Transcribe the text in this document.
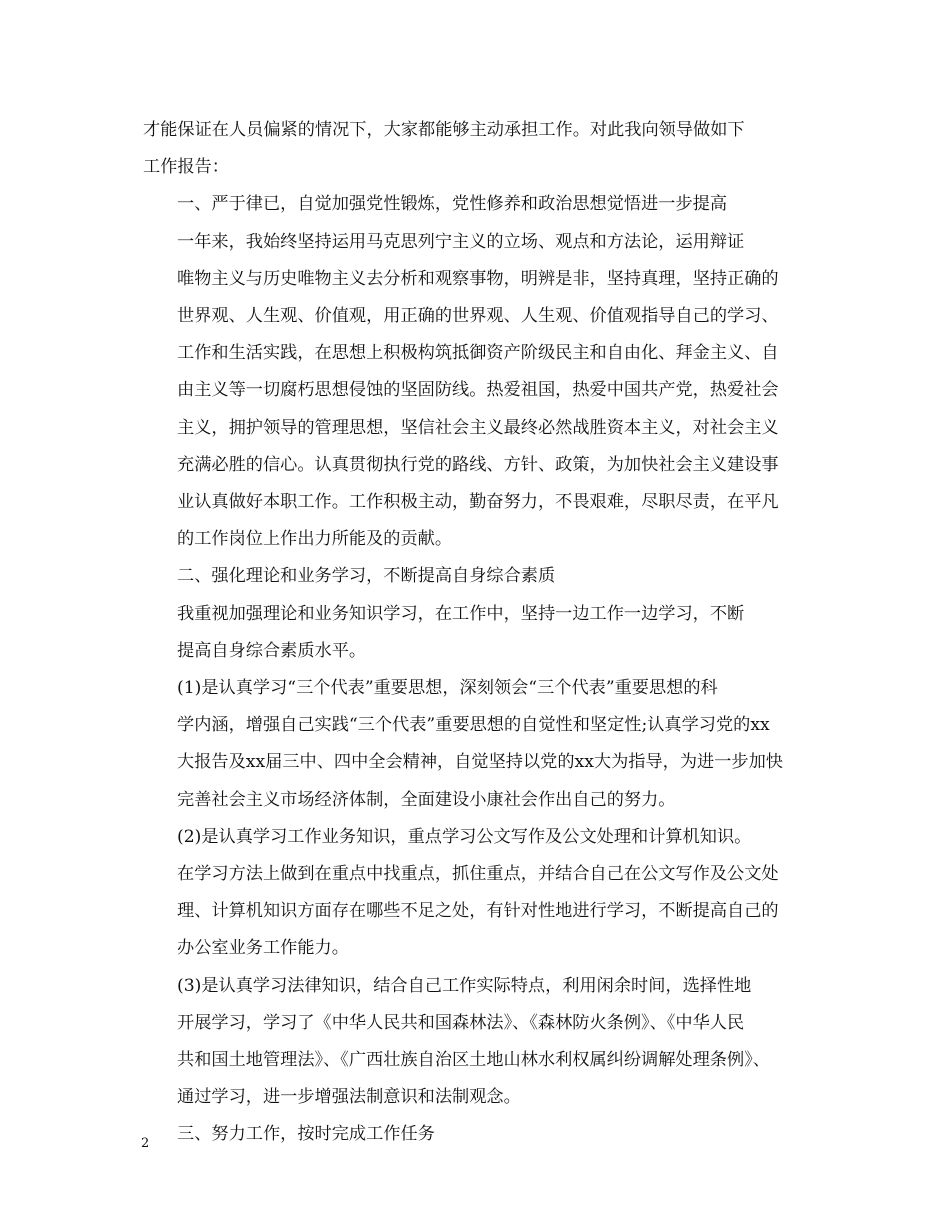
才能保证在人员偏紧的情况下，大家都能够主动承担工作。对此我向领导做如下
工作报告：

一、严于律已，自觉加强党性锻炼，党性修养和政治思想觉悟进一步提高

一年来，我始终坚持运用马克思列宁主义的立场、观点和方法论，运用辩证
唯物主义与历史唯物主义去分析和观察事物，明辨是非，坚持真理，坚持正确的
世界观、人生观、价值观，用正确的世界观、人生观、价值观指导自己的学习、
工作和生活实践，在思想上积极构筑抵御资产阶级民主和自由化、拜金主义、自
由主义等一切腐朽思想侵蚀的坚固防线。热爱祖国，热爱中国共产党，热爱社会
主义，拥护领导的管理思想，坚信社会主义最终必然战胜资本主义，对社会主义
充满必胜的信心。认真贯彻执行党的路线、方针、政策，为加快社会主义建设事
业认真做好本职工作。工作积极主动，勤奋努力，不畏艰难，尽职尽责，在平凡
的工作岗位上作出力所能及的贡献。

二、强化理论和业务学习，不断提高自身综合素质

我重视加强理论和业务知识学习，在工作中，坚持一边工作一边学习，不断
提高自身综合素质水平。

(1)是认真学习“三个代表”重要思想，深刻领会“三个代表”重要思想的科
学内涵，增强自己实践“三个代表”重要思想的自觉性和坚定性;认真学习党的xx
大报告及xx届三中、四中全会精神，自觉坚持以党的xx大为指导，为进一步加快
完善社会主义市场经济体制，全面建设小康社会作出自己的努力。

(2)是认真学习工作业务知识，重点学习公文写作及公文处理和计算机知识。
在学习方法上做到在重点中找重点，抓住重点，并结合自己在公文写作及公文处
理、计算机知识方面存在哪些不足之处，有针对性地进行学习，不断提高自己的
办公室业务工作能力。

(3)是认真学习法律知识，结合自己工作实际特点，利用闲余时间，选择性地
开展学习，学习了《中华人民共和国森林法》、《森林防火条例》、《中华人民
共和国土地管理法》、《广西壮族自治区土地山林水利权属纠纷调解处理条例》、
通过学习，进一步增强法制意识和法制观念。

三、努力工作，按时完成工作任务

2
